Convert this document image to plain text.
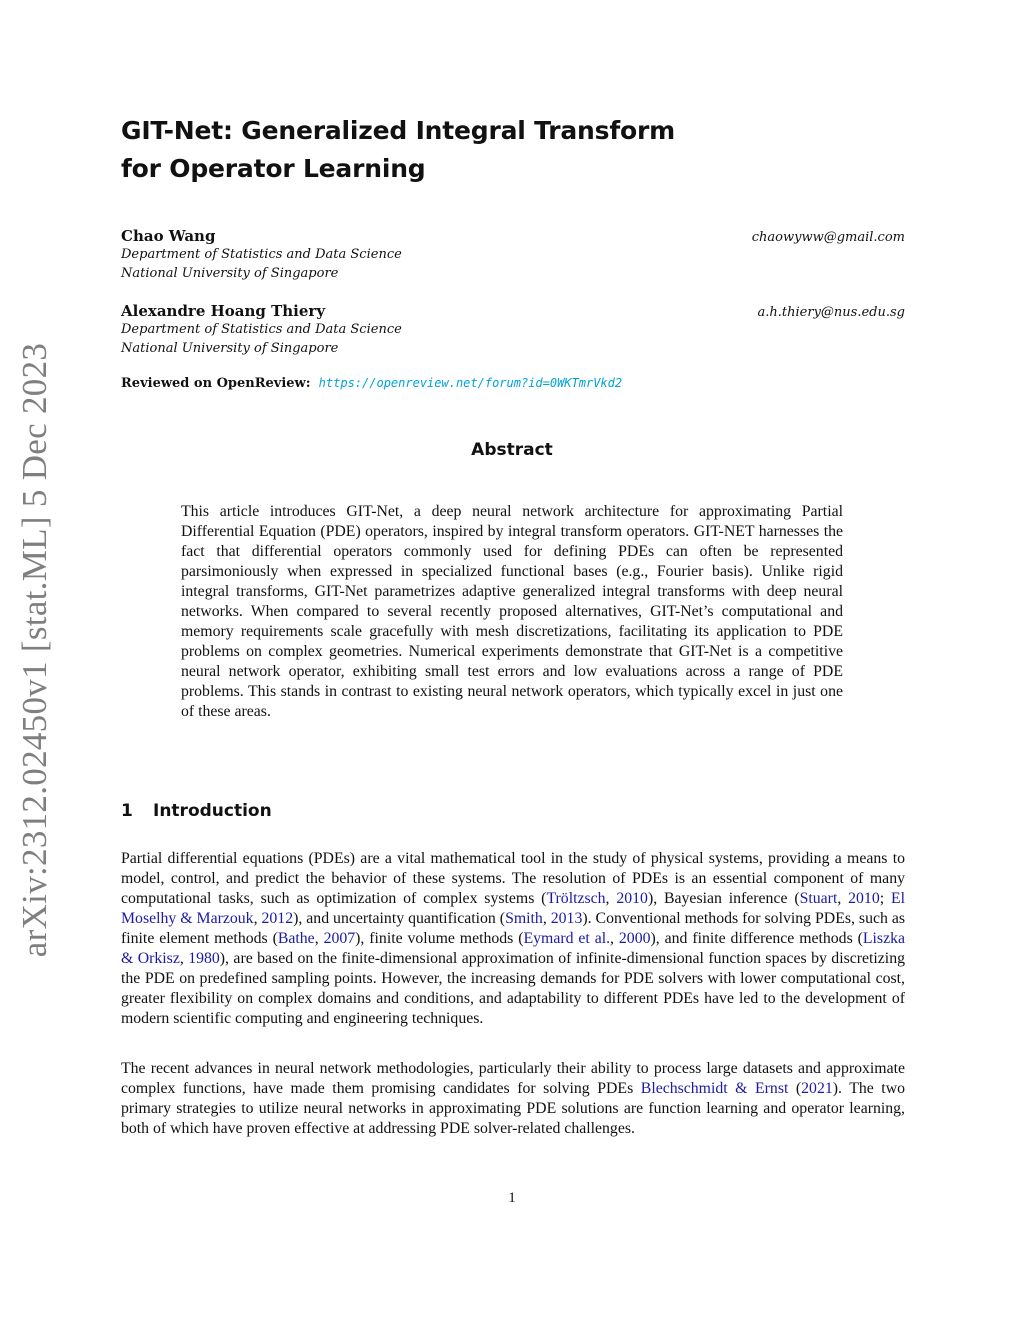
arXiv:2312.02450v1 [stat.ML] 5 Dec 2023
GIT-Net: Generalized Integral Transform
for Operator Learning
Chao Wang	chaowyww@gmail.com
Department of Statistics and Data Science
National University of Singapore
Alexandre Hoang Thiery	a.h.thiery@nus.edu.sg
Department of Statistics and Data Science
National University of Singapore
Reviewed on OpenReview: https://openreview.net/forum?id=0WKTmrVkd2
Abstract

This article introduces GIT-Net, a deep neural network architecture for approximating Partial Differential Equation (PDE) operators, inspired by integral transform operators. GIT-NET harnesses the fact that differential operators commonly used for defining PDEs can often be represented parsimoniously when expressed in specialized functional bases (e.g., Fourier basis). Unlike rigid integral transforms, GIT-Net parametrizes adaptive generalized integral transforms with deep neural networks. When compared to several recently proposed alternatives, GIT-Net’s computational and memory requirements scale gracefully with mesh discretizations, facilitating its application to PDE problems on complex geometries. Numerical experiments demonstrate that GIT-Net is a competitive neural network operator, exhibiting small test errors and low evaluations across a range of PDE problems. This stands in contrast to existing neural network operators, which typically excel in just one of these areas.

1 Introduction

Partial differential equations (PDEs) are a vital mathematical tool in the study of physical systems, providing a means to model, control, and predict the behavior of these systems. The resolution of PDEs is an essential component of many computational tasks, such as optimization of complex systems (Tröltzsch, 2010), Bayesian inference (Stuart, 2010; El Moselhy & Marzouk, 2012), and uncertainty quantification (Smith, 2013). Conventional methods for solving PDEs, such as finite element methods (Bathe, 2007), finite volume methods (Eymard et al., 2000), and finite difference methods (Liszka & Orkisz, 1980), are based on the finite-dimensional approximation of infinite-dimensional function spaces by discretizing the PDE on predefined sampling points. However, the increasing demands for PDE solvers with lower computational cost, greater flexibility on complex domains and conditions, and adaptability to different PDEs have led to the development of modern scientific computing and engineering techniques.

The recent advances in neural network methodologies, particularly their ability to process large datasets and approximate complex functions, have made them promising candidates for solving PDEs Blechschmidt & Ernst (2021). The two primary strategies to utilize neural networks in approximating PDE solutions are function learning and operator learning, both of which have proven effective at addressing PDE solver-related challenges.

1
